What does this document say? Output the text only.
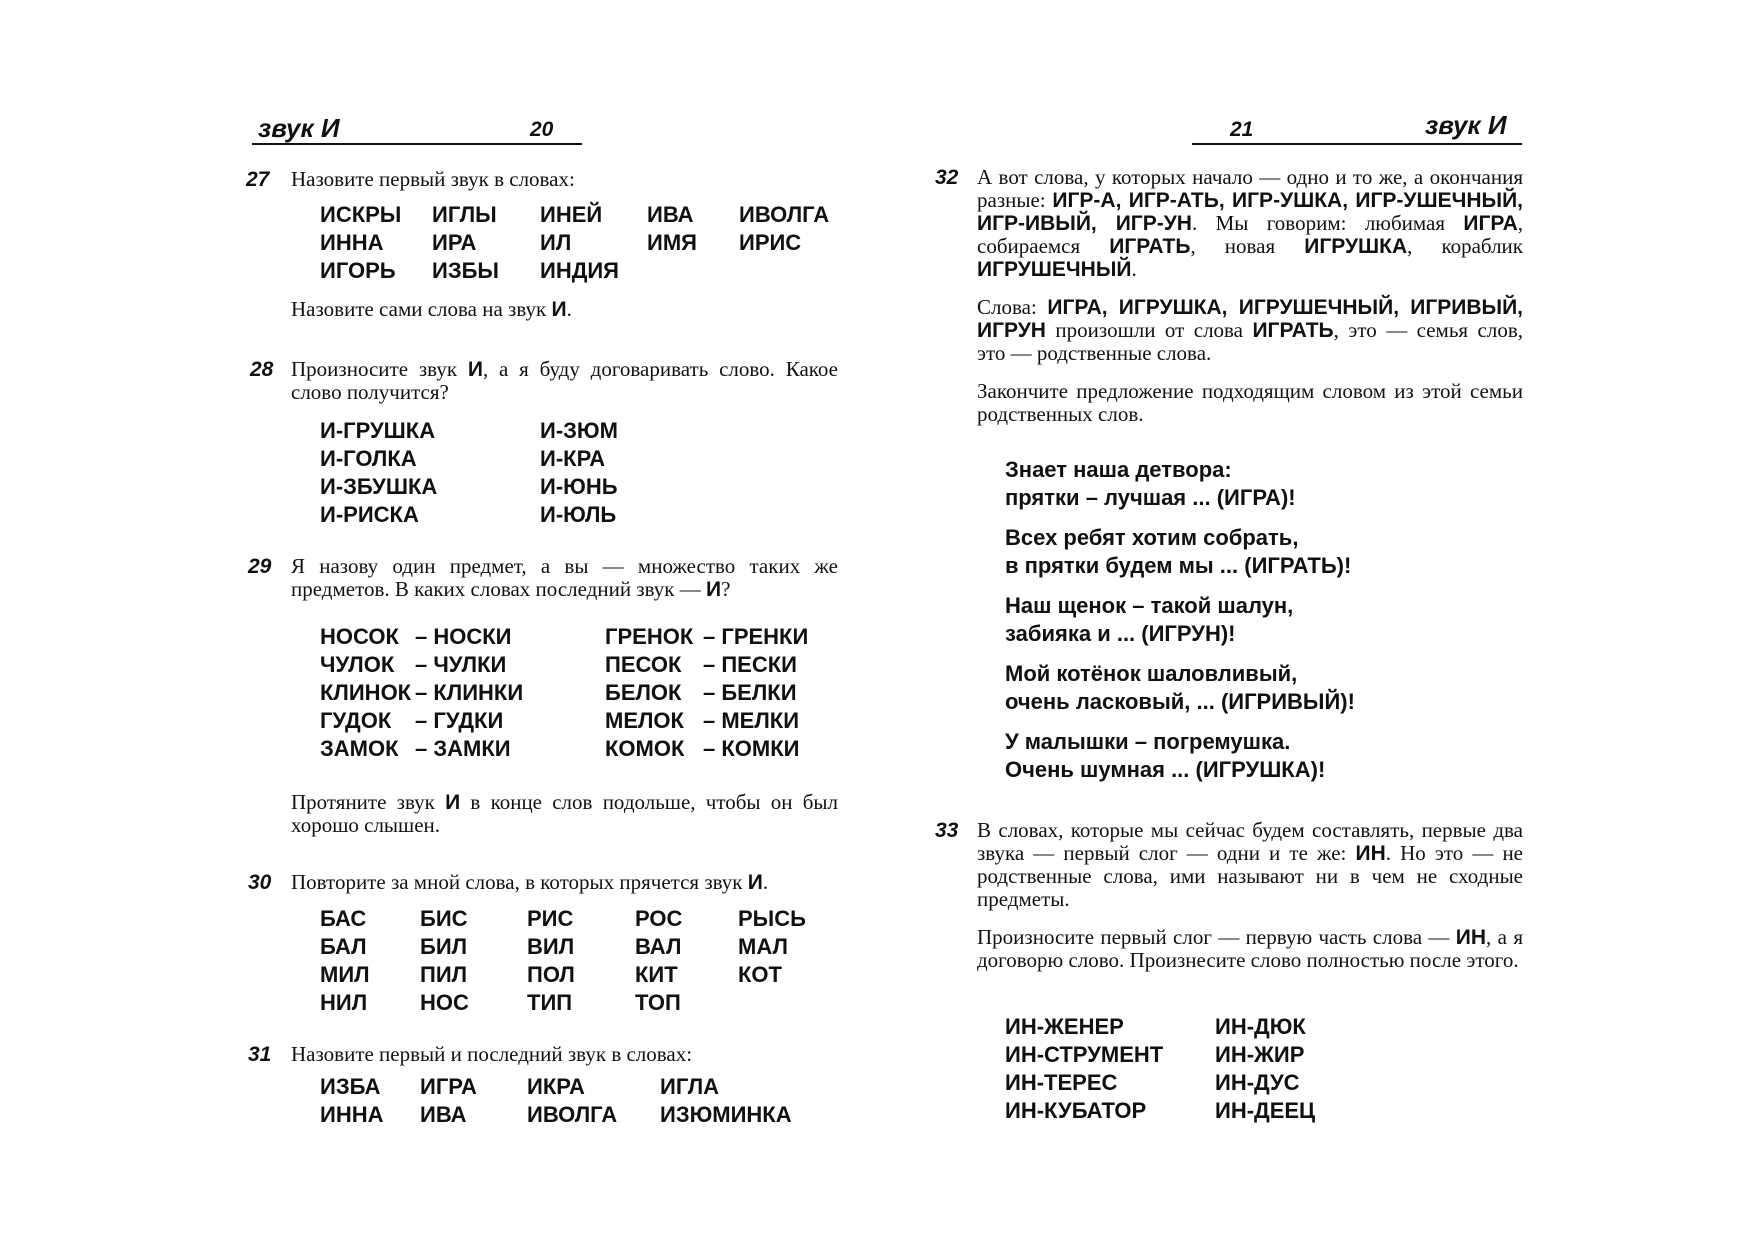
звук И	20
27 Назовите первый звук в словах:
ИСКРЫ	ИГЛЫ	ИНЕЙ	ИВА	ИВОЛГА
ИННА	ИРА	ИЛ	ИМЯ	ИРИС
ИГОРЬ	ИЗБЫ	ИНДИЯ
Назовите сами слова на звук И.
28 Произносите звук И, а я буду договаривать слово. Какое слово получится?
И-ГРУШКА	И-ЗЮМ
И-ГОЛКА	И-КРА
И-ЗБУШКА	И-ЮНЬ
И-РИСКА	И-ЮЛЬ
29 Я назову один предмет, а вы — множество таких же предметов. В каких словах последний звук — И?
НОСОК – НОСКИ	ГРЕНОК – ГРЕНКИ
ЧУЛОК – ЧУЛКИ	ПЕСОК – ПЕСКИ
КЛИНОК – КЛИНКИ	БЕЛОК – БЕЛКИ
ГУДОК	– ГУДКИ	МЕЛОК – МЕЛКИ
ЗАМОК – ЗАМКИ	КОМОК – КОМКИ
Протяните звук И в конце слов подольше, чтобы он был хорошо слышен.
30 Повторите за мной слова, в которых прячется звук И.
БАС	БИС	РИС	РОС	РЫСЬ
БАЛ	БИЛ	ВИЛ	ВАЛ	МАЛ
МИЛ	ПИЛ	ПОЛ	КИТ	КОТ
НИЛ	НОС	ТИП	ТОП
31 Назовите первый и последний звук в словах:
ИЗБА	ИГРА	ИКРА	ИГЛА
ИННА	ИВА	ИВОЛГА	ИЗЮМИНКА
21	звук И
32 А вот слова, у которых начало — одно и то же, а окончания разные: ИГР-А, ИГР-АТЬ, ИГР-УШКА, ИГР-УШЕЧНЫЙ, ИГР-ИВЫЙ, ИГР-УН. Мы говорим: любимая ИГРА, собираемся ИГРАТЬ, новая ИГРУШКА, кораблик ИГРУШЕЧНЫЙ.
Слова: ИГРА, ИГРУШКА, ИГРУШЕЧНЫЙ, ИГРИВЫЙ, ИГРУН произошли от слова ИГРАТЬ, это — семья слов, это — родственные слова.
Закончите предложение подходящим словом из этой семьи родственных слов.

Знает наша детвора:

прятки – лучшая ... (ИГРА)!

Всех ребят хотим собрать,

в прятки будем мы ... (ИГРАТЬ)!

Наш щенок – такой шалун,

забияка и ... (ИГРУН)!

Мой котёнок шаловливый,

очень ласковый, ... (ИГРИВЫЙ)!

У малышки – погремушка.

Очень шумная ... (ИГРУШКА)!

33 В словах, которые мы сейчас будем составлять, первые два звука — первый слог — одни и те же: ИН. Но это — не родственные слова, ими называют ни в чем не сходные предметы.
Произносите первый слог — первую часть слова — ИН, а я договорю слово. Произнесите слово полностью после этого.
ИН-ЖЕНЕР	ИН-ДЮК
ИН-СТРУМЕНТ	ИН-ЖИР
ИН-ТЕРЕС	ИН-ДУС
ИН-КУБАТОР	ИН-ДЕЕЦ
